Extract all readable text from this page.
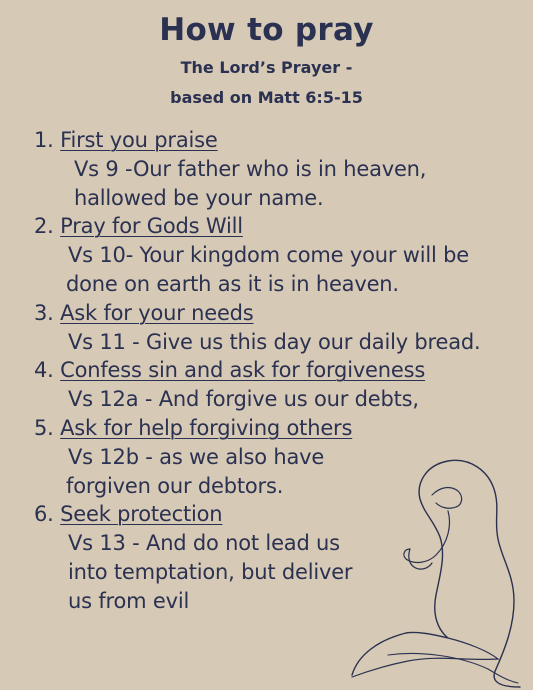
How to pray
The Lord’s Prayer -
based on Matt 6:5-15
1. First you praise
Vs 9 -Our father who is in heaven,
hallowed be your name.
2. Pray for Gods Will
Vs 10- Your kingdom come your will be
done on earth as it is in heaven.
3. Ask for your needs
Vs 11 - Give us this day our daily bread.
4. Confess sin and ask for forgiveness
Vs 12a - And forgive us our debts,
5. Ask for help forgiving others
Vs 12b - as we also have
forgiven our debtors.
6. Seek protection
Vs 13 - And do not lead us
into temptation, but deliver
us from evil
